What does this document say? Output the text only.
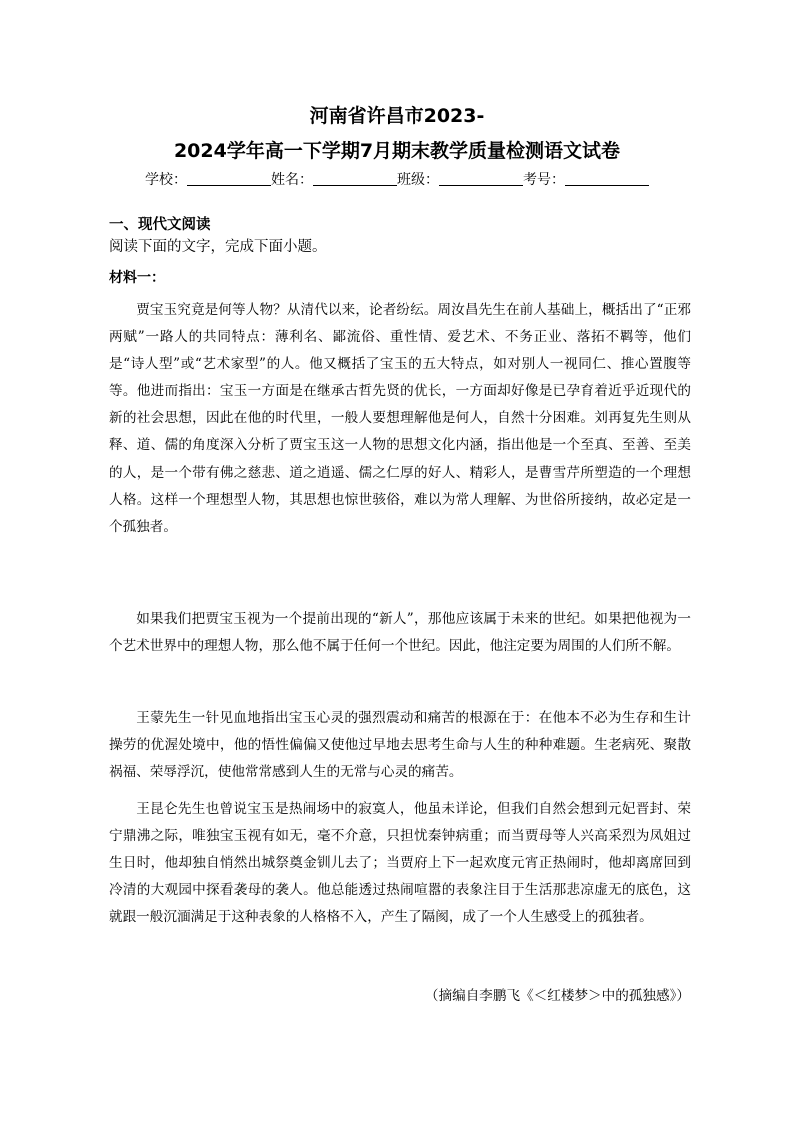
河南省许昌市2023-
2024学年高一下学期7月期末教学质量检测语文试卷
学校：	姓名：	班级：	考号：
一、现代文阅读
阅读下面的文字，完成下面小题。
材料一：

贾宝玉究竟是何等人物？从清代以来，论者纷纭。周汝昌先生在前人基础上，概括出了“正邪两赋”一路人的共同特点：薄利名、鄙流俗、重性情、爱艺术、不务正业、落拓不羁等，他们是“诗人型”或“艺术家型”的人。他又概括了宝玉的五大特点，如对别人一视同仁、推心置腹等等。他进而指出：宝玉一方面是在继承古哲先贤的优长，一方面却好像是已孕育着近乎近现代的新的社会思想，因此在他的时代里，一般人要想理解他是何人，自然十分困难。刘再复先生则从释、道、儒的角度深入分析了贾宝玉这一人物的思想文化内涵，指出他是一个至真、至善、至美的人，是一个带有佛之慈悲、道之逍遥、儒之仁厚的好人、精彩人，是曹雪芹所塑造的一个理想人格。这样一个理想型人物，其思想也惊世骇俗，难以为常人理解、为世俗所接纳，故必定是一个孤独者。

如果我们把贾宝玉视为一个提前出现的“新人”，那他应该属于未来的世纪。如果把他视为一个艺术世界中的理想人物，那么他不属于任何一个世纪。因此，他注定要为周围的人们所不解。

王蒙先生一针见血地指出宝玉心灵的强烈震动和痛苦的根源在于：在他本不必为生存和生计操劳的优渥处境中，他的悟性偏偏又使他过早地去思考生命与人生的种种难题。生老病死、聚散祸福、荣辱浮沉，使他常常感到人生的无常与心灵的痛苦。

王昆仑先生也曾说宝玉是热闹场中的寂寞人，他虽未详论，但我们自然会想到元妃晋封、荣宁鼎沸之际，唯独宝玉视有如无，毫不介意，只担忧秦钟病重；而当贾母等人兴高采烈为凤姐过生日时，他却独自悄然出城祭奠金钏儿去了；当贾府上下一起欢度元宵正热闹时，他却离席回到冷清的大观园中探看袭母的袭人。他总能透过热闹喧嚣的表象注目于生活那悲凉虚无的底色，这就跟一般沉湎满足于这种表象的人格格不入，产生了隔阂，成了一个人生感受上的孤独者。

（摘编自李鹏飞《＜红楼梦＞中的孤独感》）
